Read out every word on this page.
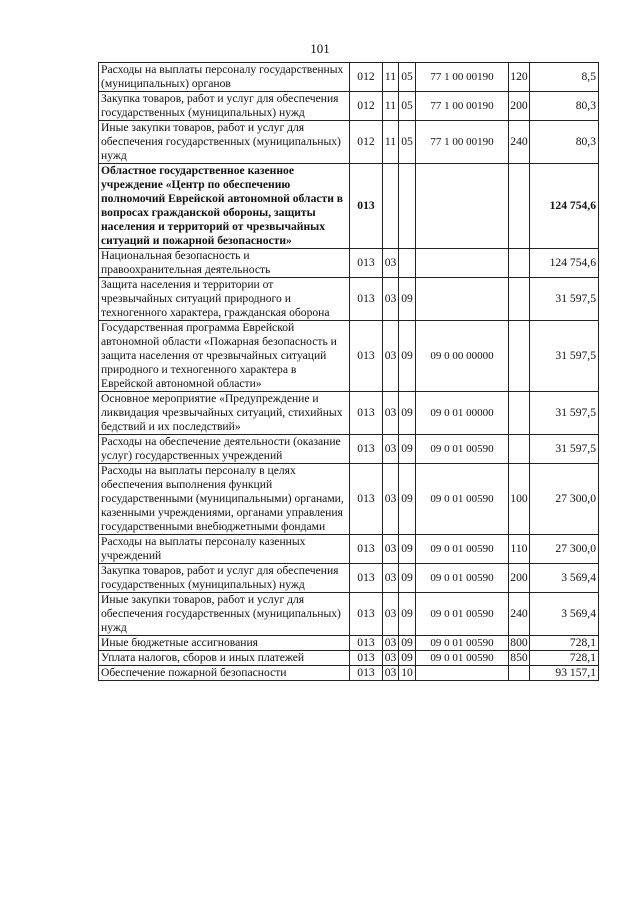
101
Расходы на выплаты персоналу государственных (муниципальных) органов	012	11	05	77 1 00 00190	120	8,5
Закупка товаров, работ и услуг для обеспечения государственных (муниципальных) нужд	012	11	05	77 1 00 00190	200	80,3
Иные закупки товаров, работ и услуг для обеспечения государственных (муниципальных) нужд	012	11	05	77 1 00 00190	240	80,3
Областное государственное казенное учреждение «Центр по обеспечению полномочий Еврейской автономной области в вопросах гражданской обороны, защиты населения и территорий от чрезвычайных ситуаций и пожарной безопасности»	013					124 754,6
Национальная безопасность и правоохранительная деятельность	013	03				124 754,6
Защита населения и территории от чрезвычайных ситуаций природного и техногенного характера, гражданская оборона	013	03	09			31 597,5
Государственная программа Еврейской автономной области «Пожарная безопасность и защита населения от чрезвычайных ситуаций природного и техногенного характера в Еврейской автономной области»	013	03	09	09 0 00 00000		31 597,5
Основное мероприятие «Предупреждение и ликвидация чрезвычайных ситуаций, стихийных бедствий и их последствий»	013	03	09	09 0 01 00000		31 597,5
Расходы на обеспечение деятельности (оказание услуг) государственных учреждений	013	03	09	09 0 01 00590		31 597,5
Расходы на выплаты персоналу в целях обеспечения выполнения функций государственными (муниципальными) органами, казенными учреждениями, органами управления государственными внебюджетными фондами	013	03	09	09 0 01 00590	100	27 300,0
Расходы на выплаты персоналу казенных учреждений	013	03	09	09 0 01 00590	110	27 300,0
Закупка товаров, работ и услуг для обеспечения государственных (муниципальных) нужд	013	03	09	09 0 01 00590	200	3 569,4
Иные закупки товаров, работ и услуг для обеспечения государственных (муниципальных) нужд	013	03	09	09 0 01 00590	240	3 569,4
Иные бюджетные ассигнования	013	03	09	09 0 01 00590	800	728,1
Уплата налогов, сборов и иных платежей	013	03	09	09 0 01 00590	850	728,1
Обеспечение пожарной безопасности	013	03	10			93 157,1
